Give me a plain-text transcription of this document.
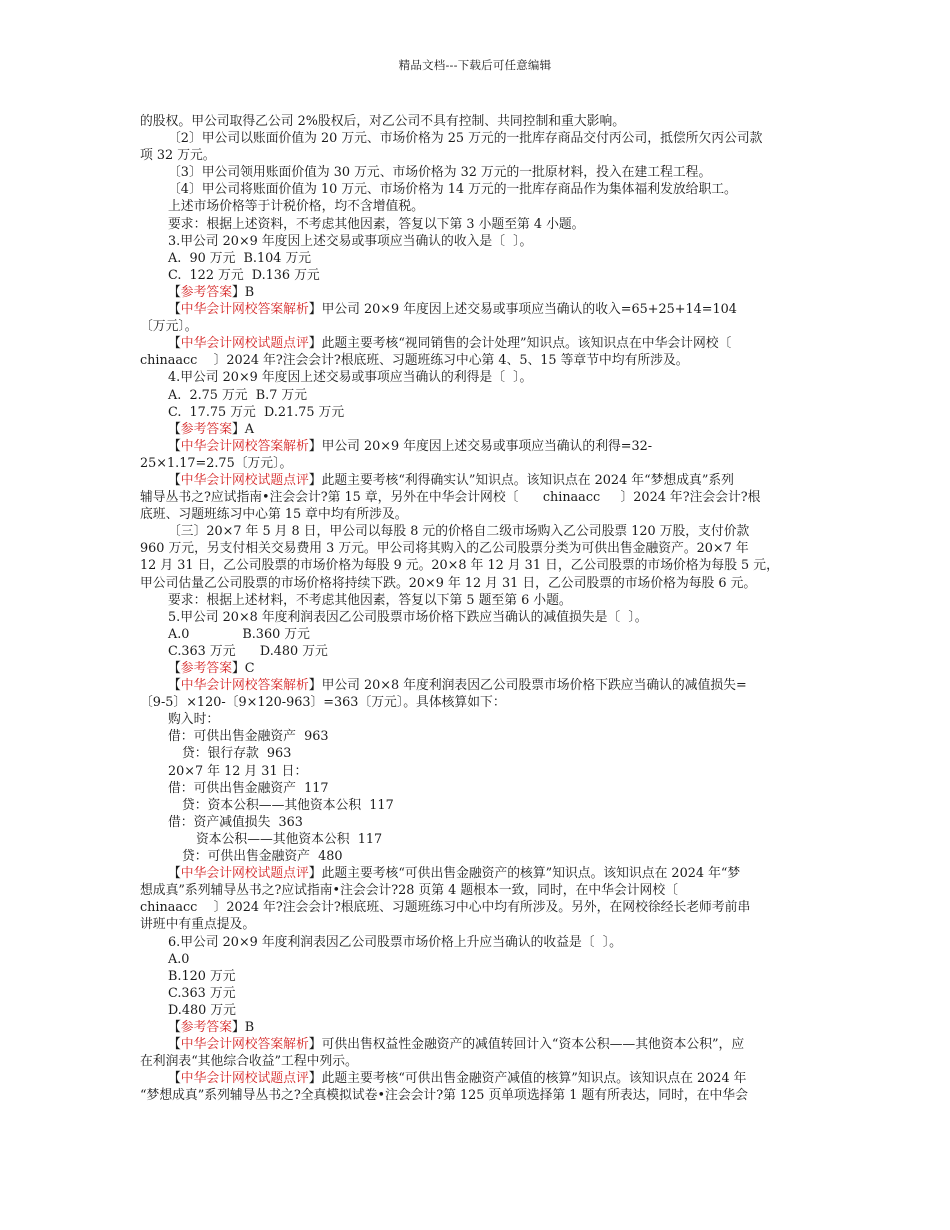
精品文档---下载后可任意编辑
的股权。甲公司取得乙公司 2%股权后，对乙公司不具有控制、共同控制和重大影响。
〔2〕甲公司以账面价值为 20 万元、市场价格为 25 万元的一批库存商品交付丙公司，抵偿所欠丙公司款
项 32 万元。
〔3〕甲公司领用账面价值为 30 万元、市场价格为 32 万元的一批原材料，投入在建工程工程。
〔4〕甲公司将账面价值为 10 万元、市场价格为 14 万元的一批库存商品作为集体福利发放给职工。
上述市场价格等于计税价格，均不含增值税。
要求：根据上述资料，不考虑其他因素，答复以下第 3 小题至第 4 小题。
3.甲公司 20×9 年度因上述交易或事项应当确认的收入是〔  〕。
A.  90 万元  B.104 万元
C.  122 万元  D.136 万元
【参考答案】B
【中华会计网校答案解析】甲公司 20×9 年度因上述交易或事项应当确认的收入=65+25+14=104
〔万元〕。
【中华会计网校试题点评】此题主要考核“视同销售的会计处理”知识点。该知识点在中华会计网校〔
chinaacc    〕2024 年?注会会计?根底班、习题班练习中心第 4、5、15 等章节中均有所涉及。
4.甲公司 20×9 年度因上述交易或事项应当确认的利得是〔  〕。
A.  2.75 万元  B.7 万元
C.  17.75 万元  D.21.75 万元
【参考答案】A
【中华会计网校答案解析】甲公司 20×9 年度因上述交易或事项应当确认的利得=32-
25×1.17=2.75〔万元〕。
【中华会计网校试题点评】此题主要考核“利得确实认”知识点。该知识点在 2024 年“梦想成真”系列
辅导丛书之?应试指南•注会会计?第 15 章，另外在中华会计网校〔      chinaacc     〕2024 年?注会会计?根
底班、习题班练习中心第 15 章中均有所涉及。
〔三〕20×7 年 5 月 8 日，甲公司以每股 8 元的价格自二级市场购入乙公司股票 120 万股，支付价款
960 万元，另支付相关交易费用 3 万元。甲公司将其购入的乙公司股票分类为可供出售金融资产。20×7 年
12 月 31 日，乙公司股票的市场价格为每股 9 元。20×8 年 12 月 31 日，乙公司股票的市场价格为每股 5 元，
甲公司估量乙公司股票的市场价格将持续下跌。20×9 年 12 月 31 日，乙公司股票的市场价格为每股 6 元。
要求：根据上述材料，不考虑其他因素，答复以下第 5 题至第 6 小题。
5.甲公司 20×8 年度利润表因乙公司股票市场价格下跌应当确认的减值损失是〔  〕。
A.0             B.360 万元
C.363 万元      D.480 万元
【参考答案】C
【中华会计网校答案解析】甲公司 20×8 年度利润表因乙公司股票市场价格下跌应当确认的减值损失=
〔9-5〕×120-〔9×120-963〕=363〔万元〕。具体核算如下：
购入时：
借：可供出售金融资产  963
贷：银行存款  963
20×7 年 12 月 31 日：
借：可供出售金融资产  117
贷：资本公积——其他资本公积  117
借：资产减值损失  363
资本公积——其他资本公积  117
贷：可供出售金融资产  480
【中华会计网校试题点评】此题主要考核“可供出售金融资产的核算”知识点。该知识点在 2024 年“梦
想成真”系列辅导丛书之?应试指南•注会会计?28 页第 4 题根本一致，同时，在中华会计网校〔
chinaacc    〕2024 年?注会会计?根底班、习题班练习中心中均有所涉及。另外，在网校徐经长老师考前串
讲班中有重点提及。
6.甲公司 20×9 年度利润表因乙公司股票市场价格上升应当确认的收益是〔  〕。
A.0
B.120 万元
C.363 万元
D.480 万元
【参考答案】B
【中华会计网校答案解析】可供出售权益性金融资产的减值转回计入“资本公积——其他资本公积”，应
在利润表“其他综合收益”工程中列示。
【中华会计网校试题点评】此题主要考核“可供出售金融资产减值的核算”知识点。该知识点在 2024 年
“梦想成真”系列辅导丛书之?全真模拟试卷•注会会计?第 125 页单项选择第 1 题有所表达，同时，在中华会
